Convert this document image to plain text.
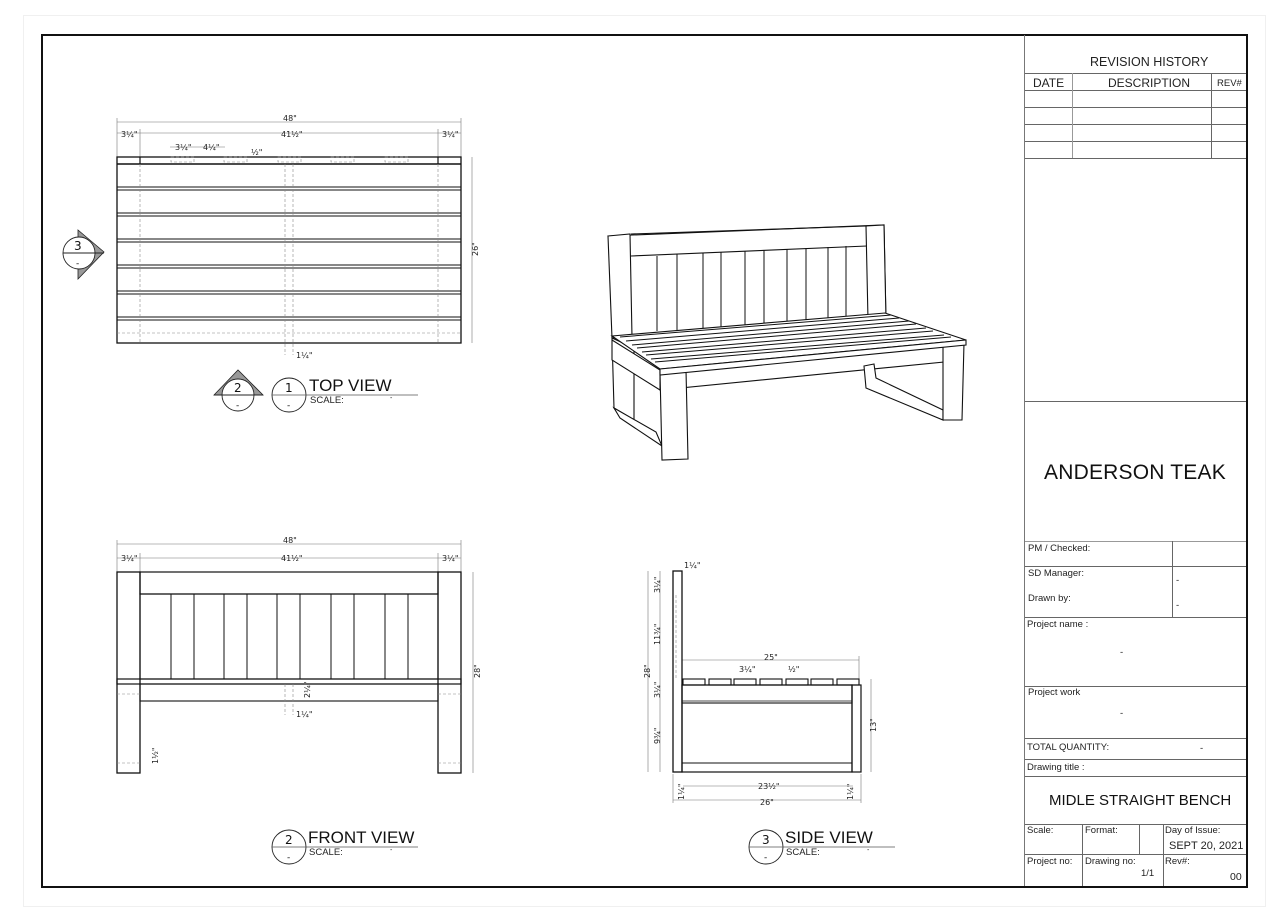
48"
3¼"	41½"	3¼"
3¼" 4¼"
½"
1¼"
26"
3
-
2
-
1
-
48"
3¼"	41½"	3¼"
28"
2¼"
1¼"
1½"
2
-
1¼"
3¼"
11¾"
28"
3¼"
9¾"
25"
3¼"	½"
13"
23½"
1¼"	1¼"
26"
3
-
TOP VIEW
SCALE:	-
FRONT VIEW
SCALE:	-
SIDE VIEW
SCALE:	-
REVISION HISTORY
DATE	DESCRIPTION	REV#
ANDERSON TEAK
PM / Checked:
SD Manager:
-
Drawn by:
-
Project name :
-
Project work
-
TOTAL QUANTITY:	-
Drawing title :
MIDLE STRAIGHT BENCH
Scale:	Format:	Day of Issue:
SEPT 20, 2021
Project no: Drawing no:
1/1
Rev#:
00
